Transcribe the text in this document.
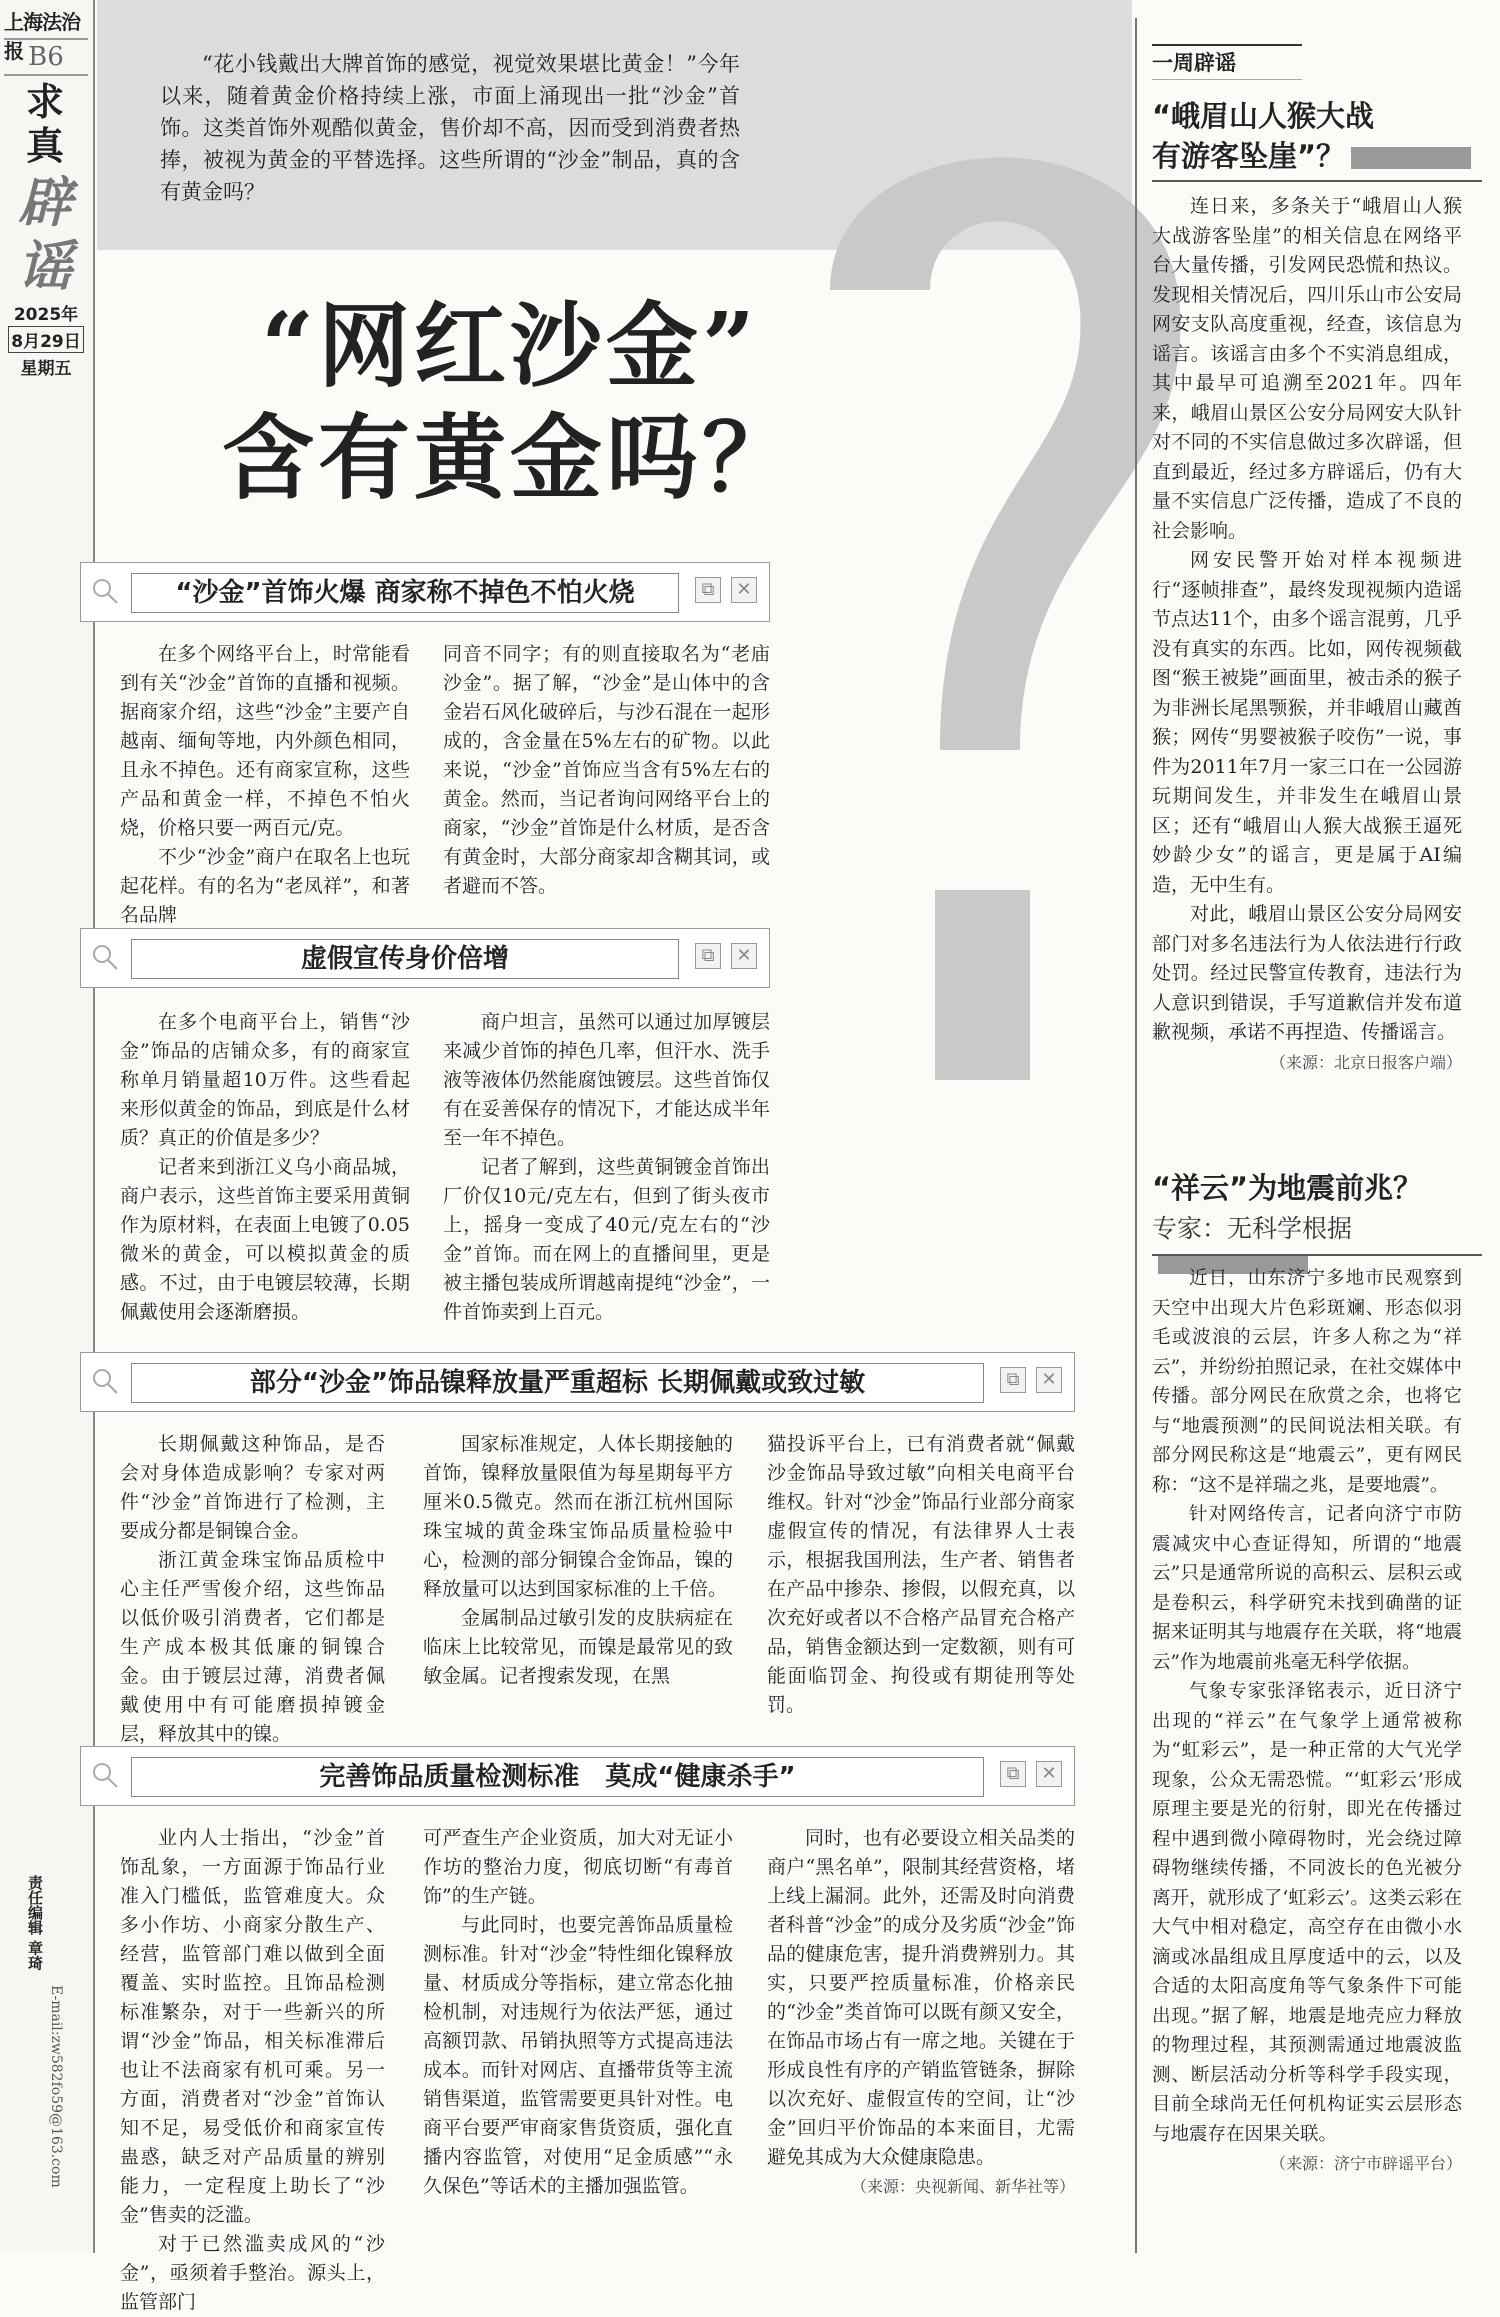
上海法治报 B6
求真
辟谣
2025年
8月29日
星期五
责任编辑 章琦
E-mail:zw582fo59@163.com
“花小钱戴出大牌首饰的感觉，视觉效果堪比黄金！”今年以来，随着黄金价格持续上涨，市面上涌现出一批“沙金”首饰。这类首饰外观酷似黄金，售价却不高，因而受到消费者热捧，被视为黄金的平替选择。这些所谓的“沙金”制品，真的含有黄金吗？
“网红沙金”
含有黄金吗？
“沙金”首饰火爆 商家称不掉色不怕火烧	⧉	✕

在多个网络平台上，时常能看到有关“沙金”首饰的直播和视频。据商家介绍，这些“沙金”主要产自越南、缅甸等地，内外颜色相同，且永不掉色。还有商家宣称，这些产品和黄金一样，不掉色不怕火烧，价格只要一两百元/克。

不少“沙金”商户在取名上也玩起花样。有的名为“老凤祥”，和著名品牌

同音不同字；有的则直接取名为“老庙沙金”。据了解，“沙金”是山体中的含金岩石风化破碎后，与沙石混在一起形成的，含金量在5%左右的矿物。以此来说，“沙金”首饰应当含有5%左右的黄金。然而，当记者询问网络平台上的商家，“沙金”首饰是什么材质，是否含有黄金时，大部分商家却含糊其词，或者避而不答。

虚假宣传身价倍增	⧉	✕

在多个电商平台上，销售“沙金”饰品的店铺众多，有的商家宣称单月销量超10万件。这些看起来形似黄金的饰品，到底是什么材质？真正的价值是多少？

记者来到浙江义乌小商品城，商户表示，这些首饰主要采用黄铜作为原材料，在表面上电镀了0.05微米的黄金，可以模拟黄金的质感。不过，由于电镀层较薄，长期佩戴使用会逐渐磨损。

商户坦言，虽然可以通过加厚镀层来减少首饰的掉色几率，但汗水、洗手液等液体仍然能腐蚀镀层。这些首饰仅有在妥善保存的情况下，才能达成半年至一年不掉色。

记者了解到，这些黄铜镀金首饰出厂价仅10元/克左右，但到了街头夜市上，摇身一变成了40元/克左右的“沙金”首饰。而在网上的直播间里，更是被主播包装成所谓越南提纯“沙金”，一件首饰卖到上百元。

部分“沙金”饰品镍释放量严重超标 长期佩戴或致过敏	⧉	✕

长期佩戴这种饰品，是否会对身体造成影响？专家对两件“沙金”首饰进行了检测，主要成分都是铜镍合金。

浙江黄金珠宝饰品质检中心主任严雪俊介绍，这些饰品以低价吸引消费者，它们都是生产成本极其低廉的铜镍合金。由于镀层过薄，消费者佩戴使用中有可能磨损掉镀金层，释放其中的镍。

国家标准规定，人体长期接触的首饰，镍释放量限值为每星期每平方厘米0.5微克。然而在浙江杭州国际珠宝城的黄金珠宝饰品质量检验中心，检测的部分铜镍合金饰品，镍的释放量可以达到国家标准的上千倍。

金属制品过敏引发的皮肤病症在临床上比较常见，而镍是最常见的致敏金属。记者搜索发现，在黑

猫投诉平台上，已有消费者就“佩戴沙金饰品导致过敏”向相关电商平台维权。针对“沙金”饰品行业部分商家虚假宣传的情况，有法律界人士表示，根据我国刑法，生产者、销售者在产品中掺杂、掺假，以假充真，以次充好或者以不合格产品冒充合格产品，销售金额达到一定数额，则有可能面临罚金、拘役或有期徒刑等处罚。

完善饰品质量检测标准　莫成“健康杀手”	⧉	✕

业内人士指出，“沙金”首饰乱象，一方面源于饰品行业准入门槛低，监管难度大。众多小作坊、小商家分散生产、经营，监管部门难以做到全面覆盖、实时监控。且饰品检测标准繁杂，对于一些新兴的所谓“沙金”饰品，相关标准滞后也让不法商家有机可乘。另一方面，消费者对“沙金”首饰认知不足，易受低价和商家宣传蛊惑，缺乏对产品质量的辨别能力，一定程度上助长了“沙金”售卖的泛滥。

对于已然滥卖成风的“沙金”，亟须着手整治。源头上，监管部门

可严查生产企业资质，加大对无证小作坊的整治力度，彻底切断“有毒首饰”的生产链。

与此同时，也要完善饰品质量检测标准。针对“沙金”特性细化镍释放量、材质成分等指标，建立常态化抽检机制，对违规行为依法严惩，通过高额罚款、吊销执照等方式提高违法成本。而针对网店、直播带货等主流销售渠道，监管需要更具针对性。电商平台要严审商家售货资质，强化直播内容监管，对使用“足金质感”“永久保色”等话术的主播加强监管。

同时，也有必要设立相关品类的商户“黑名单”，限制其经营资格，堵上线上漏洞。此外，还需及时向消费者科普“沙金”的成分及劣质“沙金”饰品的健康危害，提升消费辨别力。其实，只要严控质量标准，价格亲民的“沙金”类首饰可以既有颜又安全，在饰品市场占有一席之地。关键在于形成良性有序的产销监管链条，摒除以次充好、虚假宣传的空间，让“沙金”回归平价饰品的本来面目，尤需避免其成为大众健康隐患。

（来源：央视新闻、新华社等）
一周辟谣
“峨眉山人猴大战
有游客坠崖”？

连日来，多条关于“峨眉山人猴大战游客坠崖”的相关信息在网络平台大量传播，引发网民恐慌和热议。发现相关情况后，四川乐山市公安局网安支队高度重视，经查，该信息为谣言。该谣言由多个不实消息组成，其中最早可追溯至2021年。四年来，峨眉山景区公安分局网安大队针对不同的不实信息做过多次辟谣，但直到最近，经过多方辟谣后，仍有大量不实信息广泛传播，造成了不良的社会影响。

网安民警开始对样本视频进行“逐帧排查”，最终发现视频内造谣节点达11个，由多个谣言混剪，几乎没有真实的东西。比如，网传视频截图“猴王被毙”画面里，被击杀的猴子为非洲长尾黑颚猴，并非峨眉山藏酋猴；网传“男婴被猴子咬伤”一说，事件为2011年7月一家三口在一公园游玩期间发生，并非发生在峨眉山景区；还有“峨眉山人猴大战猴王逼死妙龄少女”的谣言，更是属于AI编造，无中生有。

对此，峨眉山景区公安分局网安部门对多名违法行为人依法进行行政处罚。经过民警宣传教育，违法行为人意识到错误，手写道歉信并发布道歉视频，承诺不再捏造、传播谣言。

（来源：北京日报客户端）
“祥云”为地震前兆？
专家：无科学根据

近日，山东济宁多地市民观察到天空中出现大片色彩斑斓、形态似羽毛或波浪的云层，许多人称之为“祥云”，并纷纷拍照记录，在社交媒体中传播。部分网民在欣赏之余，也将它与“地震预测”的民间说法相关联。有部分网民称这是“地震云”，更有网民称：“这不是祥瑞之兆，是要地震”。

针对网络传言，记者向济宁市防震减灾中心查证得知，所谓的“地震云”只是通常所说的高积云、层积云或是卷积云，科学研究未找到确凿的证据来证明其与地震存在关联，将“地震云”作为地震前兆毫无科学依据。

气象专家张泽铭表示，近日济宁出现的“祥云”在气象学上通常被称为“虹彩云”，是一种正常的大气光学现象，公众无需恐慌。“‘虹彩云’形成原理主要是光的衍射，即光在传播过程中遇到微小障碍物时，光会绕过障碍物继续传播，不同波长的色光被分离开，就形成了‘虹彩云’。这类云彩在大气中相对稳定，高空存在由微小水滴或冰晶组成且厚度适中的云，以及合适的太阳高度角等气象条件下可能出现。”据了解，地震是地壳应力释放的物理过程，其预测需通过地震波监测、断层活动分析等科学手段实现，目前全球尚无任何机构证实云层形态与地震存在因果关联。

（来源：济宁市辟谣平台）
